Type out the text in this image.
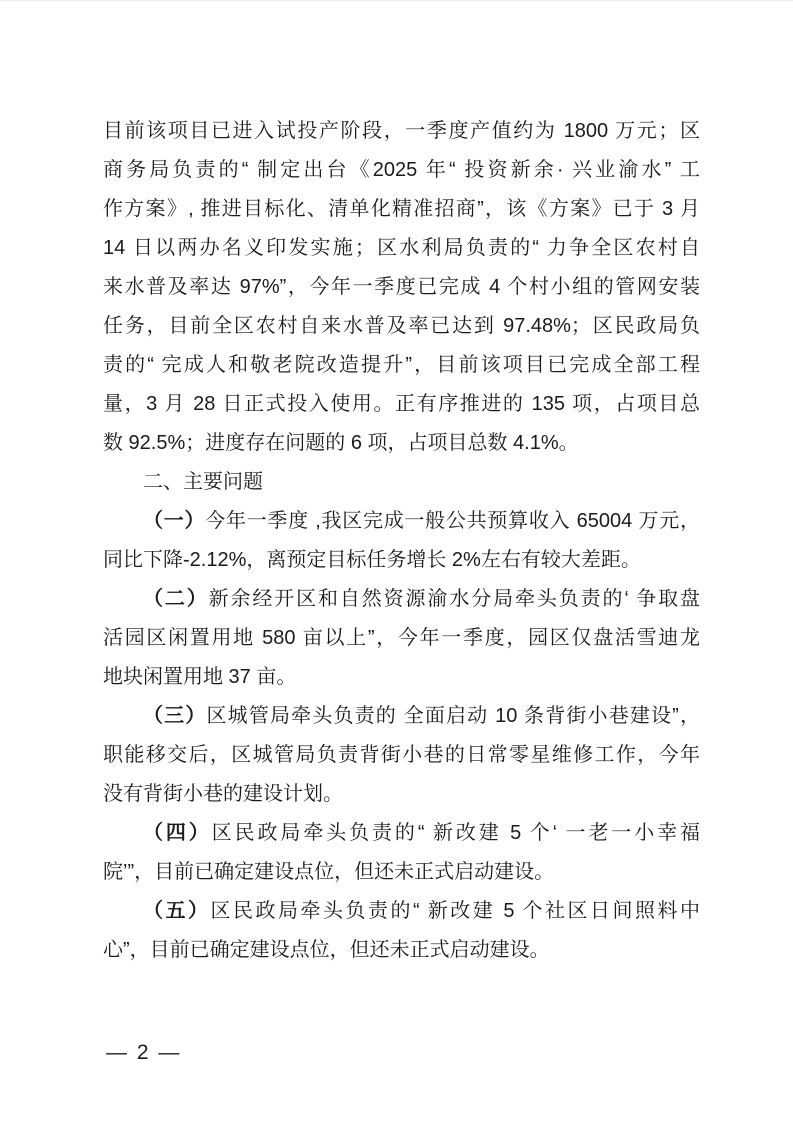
目前该项目已进入试投产阶段，一季度产值约为 1800 万元；区
商务局负责的“ 制定出台《2025 年“ 投资新余· 兴业渝水” 工
作方案》, 推进目标化、清单化精准招商”，该《方案》已于 3 月
14 日以两办名义印发实施；区水利局负责的“ 力争全区农村自
来水普及率达 97%”，今年一季度已完成 4 个村小组的管网安装
任务，目前全区农村自来水普及率已达到 97.48%；区民政局负
责的“ 完成人和敬老院改造提升”，目前该项目已完成全部工程
量，3 月 28 日正式投入使用。正有序推进的 135 项，占项目总
数 92.5%；进度存在问题的 6 项，占项目总数 4.1%。
二、主要问题
（一）今年一季度 ,我区完成一般公共预算收入 65004 万元，
同比下降-2.12%，离预定目标任务增长 2%左右有较大差距。
（二）新余经开区和自然资源渝水分局牵头负责的‘ 争取盘
活园区闲置用地 580 亩以上”，今年一季度，园区仅盘活雪迪龙
地块闲置用地 37 亩。
（三）区城管局牵头负责的 全面启动 10 条背街小巷建设”，
职能移交后，区城管局负责背街小巷的日常零星维修工作，今年
没有背街小巷的建设计划。
（四）区民政局牵头负责的“ 新改建 5 个‘ 一老一小幸福
院’”，目前已确定建设点位，但还未正式启动建设。
（五）区民政局牵头负责的“ 新改建 5 个社区日间照料中
心”，目前已确定建设点位，但还未正式启动建设。
— 2 —
